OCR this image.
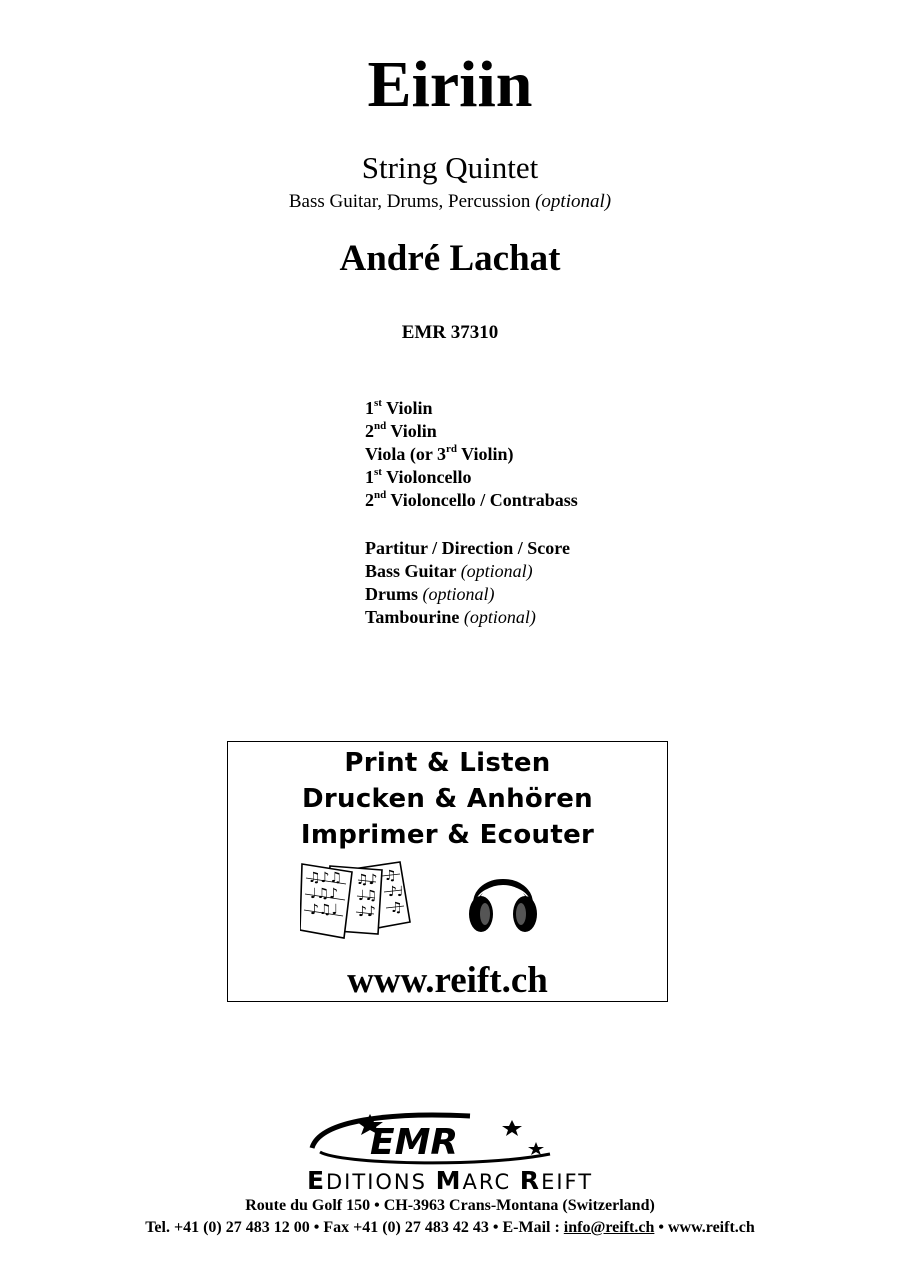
Eiriin
String Quintet
Bass Guitar, Drums, Percussion (optional)
André Lachat
EMR 37310
1st Violin
2nd Violin
Viola (or 3rd Violin)
1st Violoncello
2nd Violoncello / Contrabass
Partitur / Direction / Score
Bass Guitar (optional)
Drums (optional)
Tambourine (optional)
Print & Listen
Drucken & Anhören
Imprimer & Ecouter
♫♪♫
♩♫♪
♪♫♩
♫♪
♩♫
♪♪
♫
♪♩
♫
www.reift.ch
EMR
EDITIONS MARC REIFT
Route du Golf 150 • CH-3963 Crans-Montana (Switzerland)
Tel. +41 (0) 27 483 12 00 • Fax +41 (0) 27 483 42 43 • E-Mail : info@reift.ch • www.reift.ch
